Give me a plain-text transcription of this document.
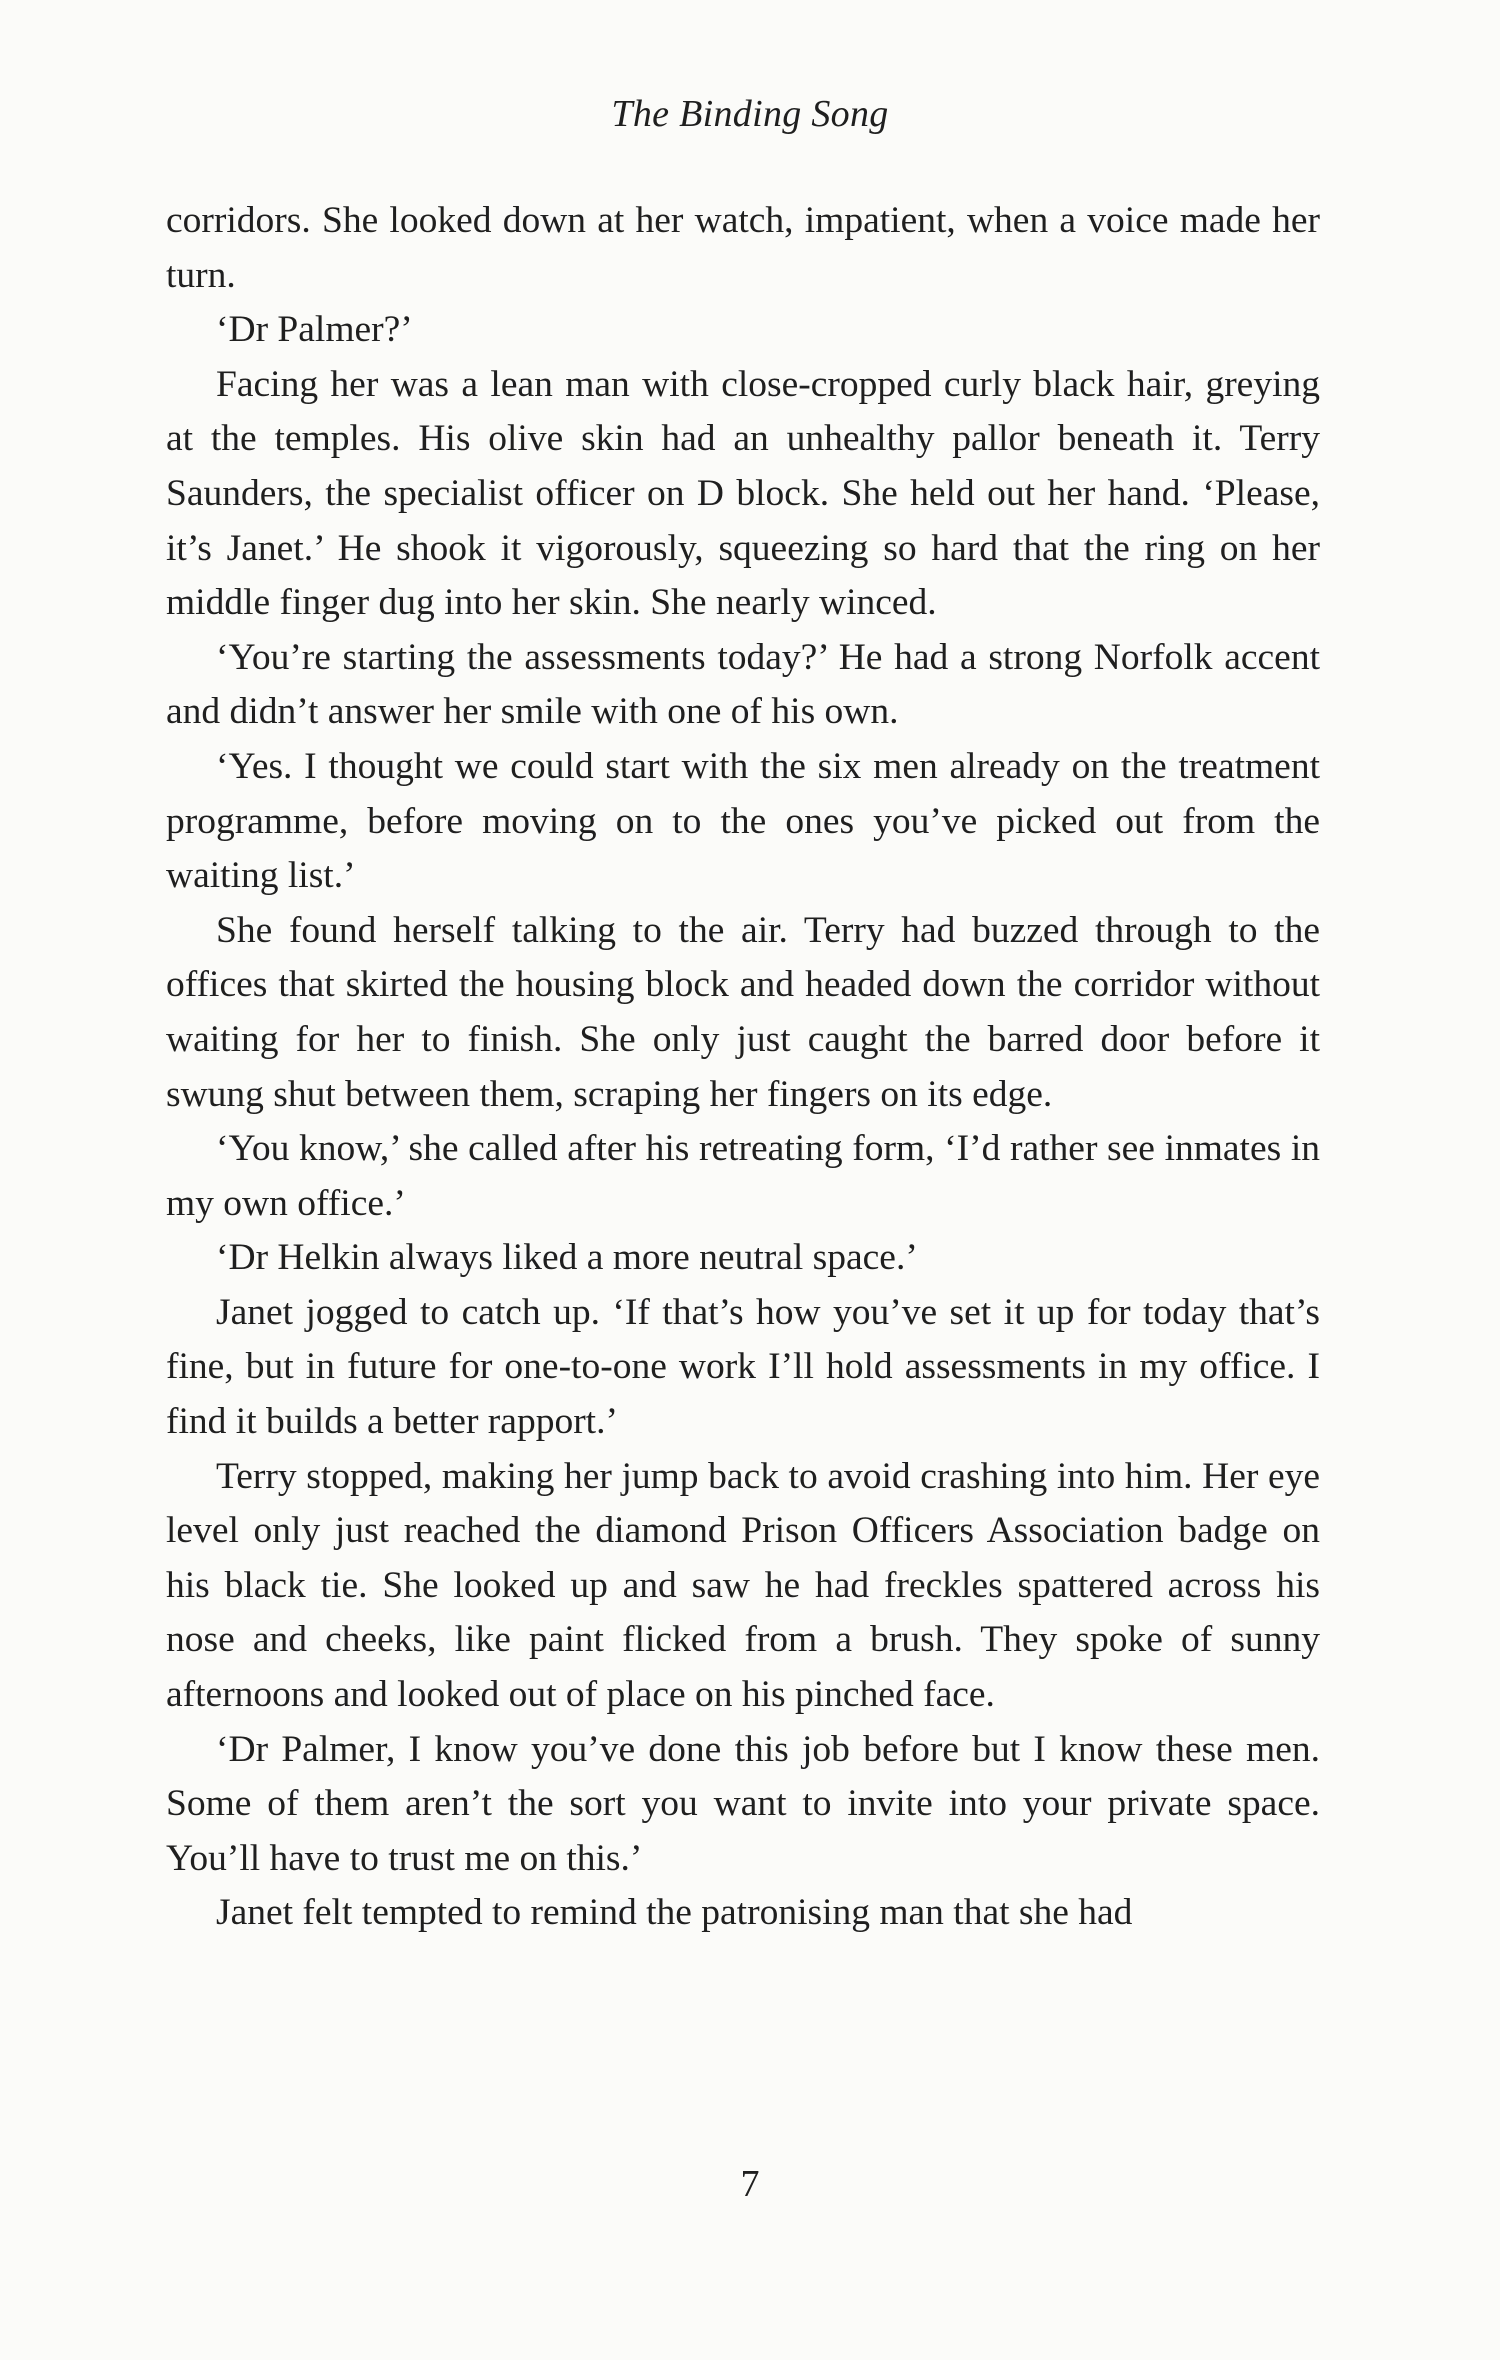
The Binding Song

corridors. She looked down at her watch, impatient, when a voice made her turn.

‘Dr Palmer?’

Facing her was a lean man with close-cropped curly black hair, greying at the temples. His olive skin had an unhealthy pallor beneath it. Terry Saunders, the specialist officer on D block. She held out her hand. ‘Please, it’s Janet.’ He shook it vigorously, squeezing so hard that the ring on her middle finger dug into her skin. She nearly winced.

‘You’re starting the assessments today?’ He had a strong Norfolk accent and didn’t answer her smile with one of his own.

‘Yes. I thought we could start with the six men already on the treatment programme, before moving on to the ones you’ve picked out from the waiting list.’

She found herself talking to the air. Terry had buzzed through to the offices that skirted the housing block and headed down the corridor without waiting for her to finish. She only just caught the barred door before it swung shut between them, scraping her fingers on its edge.

‘You know,’ she called after his retreating form, ‘I’d rather see inmates in my own office.’

‘Dr Helkin always liked a more neutral space.’

Janet jogged to catch up. ‘If that’s how you’ve set it up for today that’s fine, but in future for one-to-one work I’ll hold assessments in my office. I find it builds a better rapport.’

Terry stopped, making her jump back to avoid crashing into him. Her eye level only just reached the diamond Prison Officers Association badge on his black tie. She looked up and saw he had freckles spattered across his nose and cheeks, like paint flicked from a brush. They spoke of sunny afternoons and looked out of place on his pinched face.

‘Dr Palmer, I know you’ve done this job before but I know these men. Some of them aren’t the sort you want to invite into your private space. You’ll have to trust me on this.’

Janet felt tempted to remind the patronising man that she had

7
